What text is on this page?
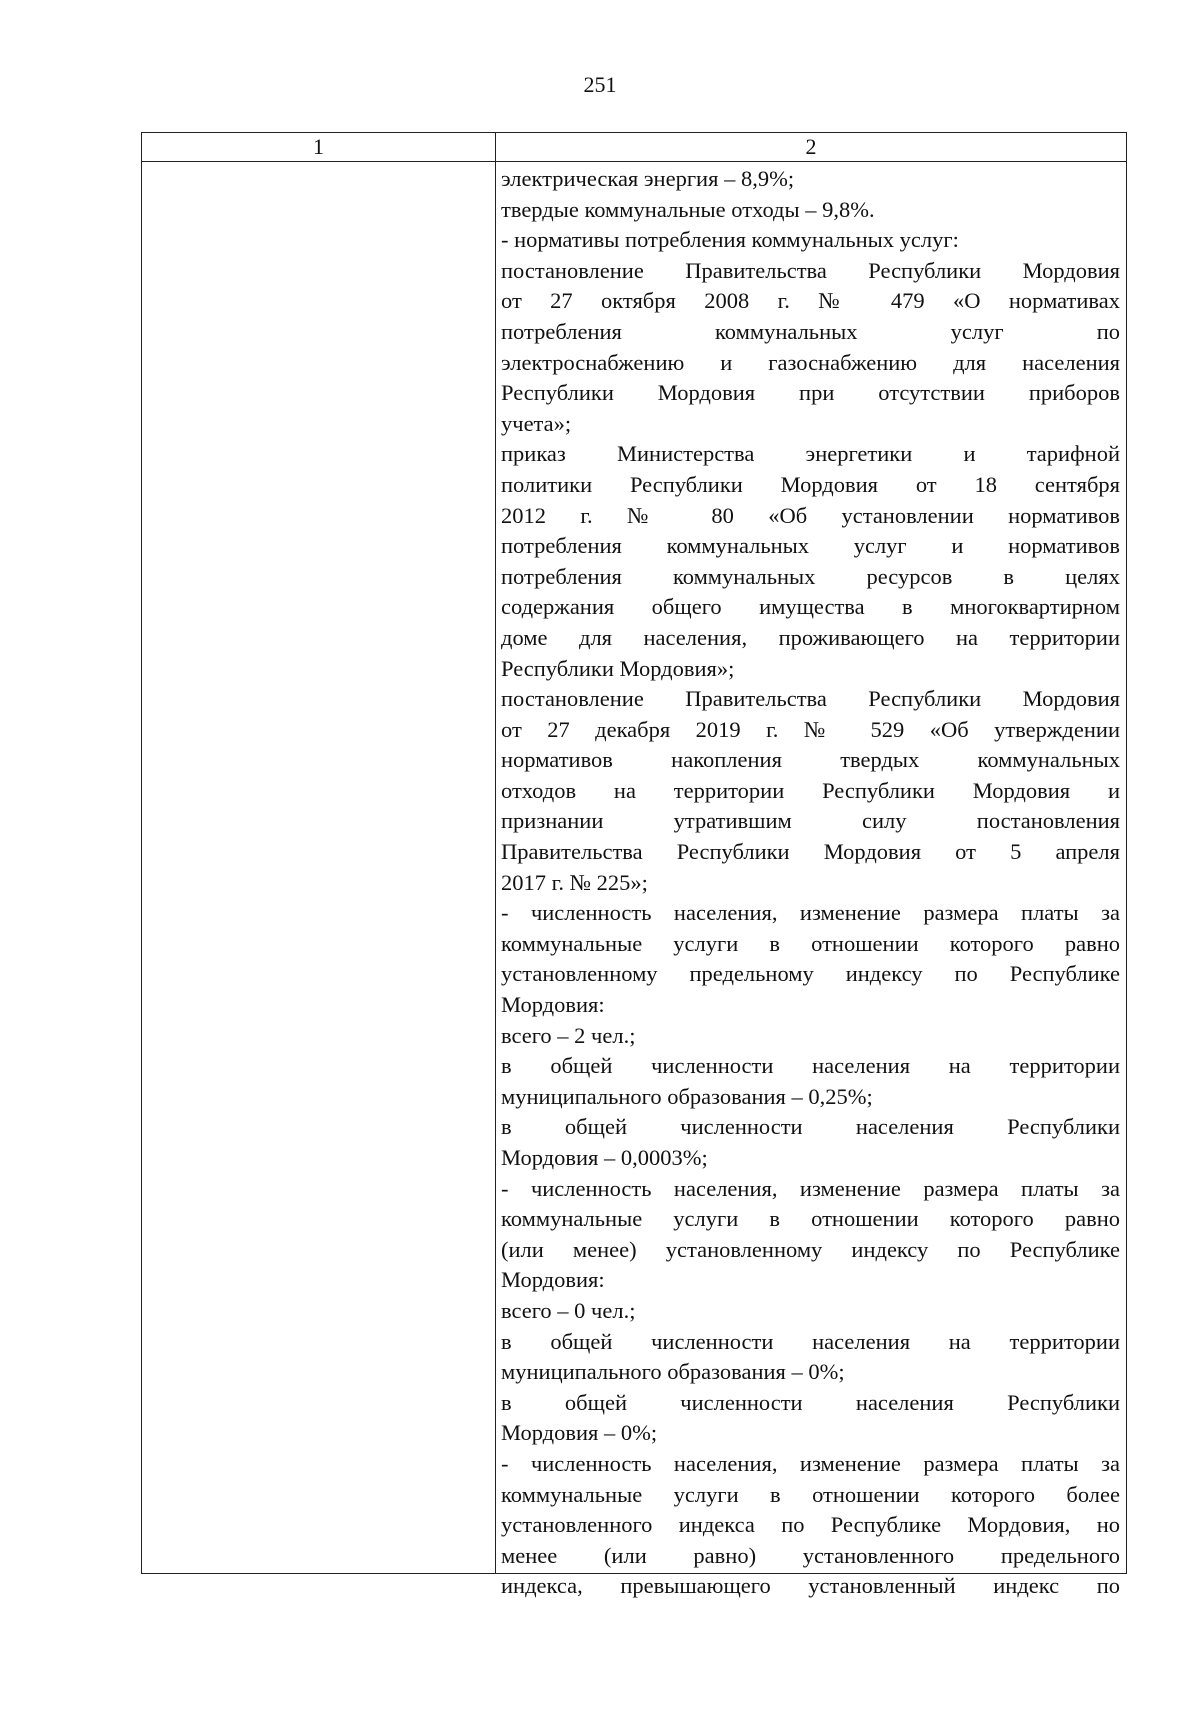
251
1	2
электрическая энергия – 8,9%;
твердые коммунальные отходы – 9,8%.
- нормативы потребления коммунальных услуг:
постановление Правительства Республики Мордовия
от 27 октября 2008 г. № 479 «О нормативах
потребления коммунальных услуг по
электроснабжению и газоснабжению для населения
Республики Мордовия при отсутствии приборов
учета»;
приказ Министерства энергетики и тарифной
политики Республики Мордовия от 18 сентября
2012 г. № 80 «Об установлении нормативов
потребления коммунальных услуг и нормативов
потребления коммунальных ресурсов в целях
содержания общего имущества в многоквартирном
доме для населения, проживающего на территории
Республики Мордовия»;
постановление Правительства Республики Мордовия
от 27 декабря 2019 г. № 529 «Об утверждении
нормативов накопления твердых коммунальных
отходов на территории Республики Мордовия и
признании утратившим силу постановления
Правительства Республики Мордовия от 5 апреля
2017 г. № 225»;
- численность населения, изменение размера платы за
коммунальные услуги в отношении которого равно
установленному предельному индексу по Республике
Мордовия:
всего – 2 чел.;
в общей численности населения на территории
муниципального образования – 0,25%;
в общей численности населения Республики
Мордовия – 0,0003%;
- численность населения, изменение размера платы за
коммунальные услуги в отношении которого равно
(или менее) установленному индексу по Республике
Мордовия:
всего – 0 чел.;
в общей численности населения на территории
муниципального образования – 0%;
в общей численности населения Республики
Мордовия – 0%;
- численность населения, изменение размера платы за
коммунальные услуги в отношении которого более
установленного индекса по Республике Мордовия, но
менее (или равно) установленного предельного
индекса, превышающего установленный индекс по
